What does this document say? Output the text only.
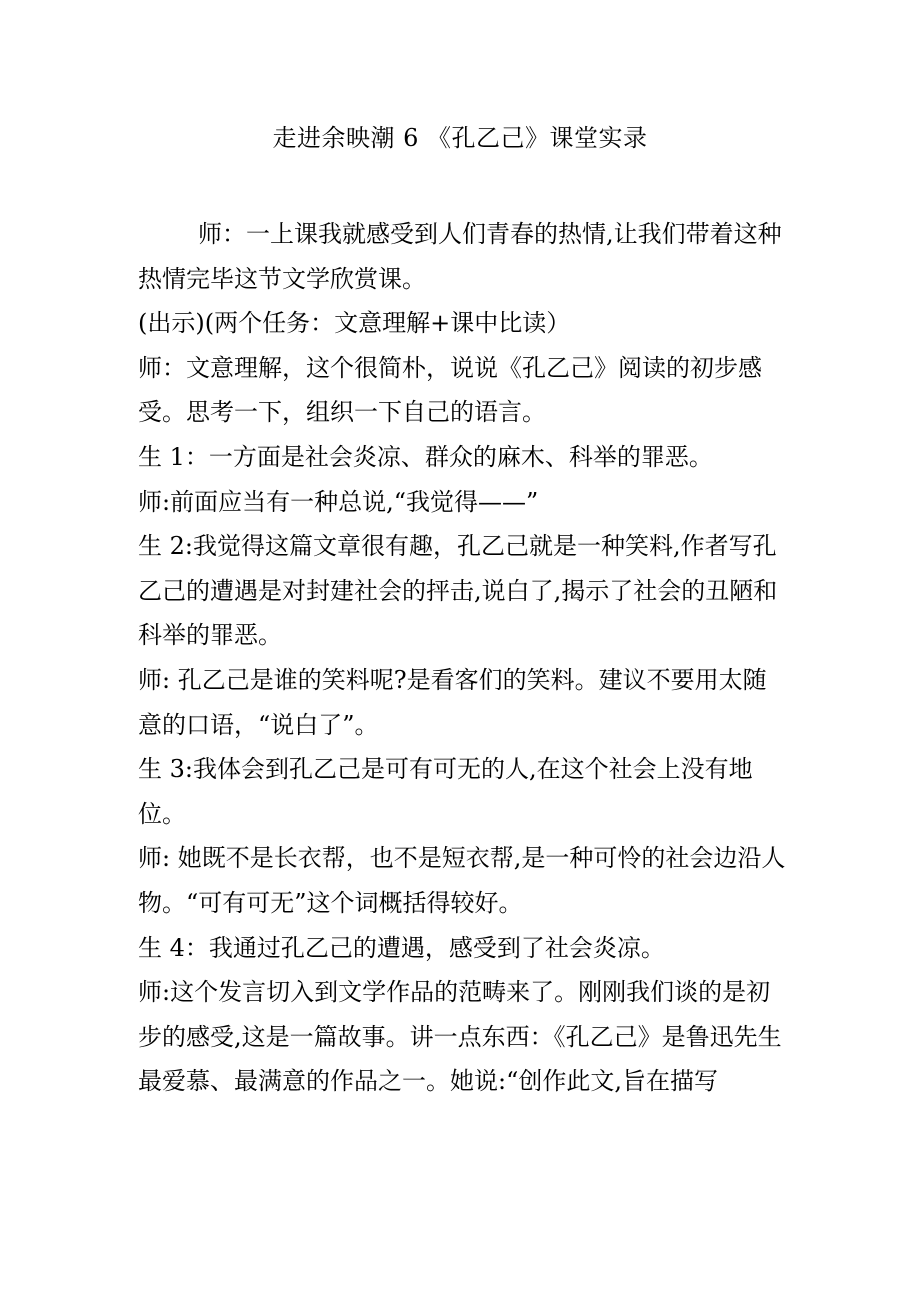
走进余映潮 6 《孔乙己》课堂实录

师：一上课我就感受到人们青春的热情,让我们带着这种热情完毕这节文学欣赏课。

(出示)(两个任务：文意理解+课中比读）

师：文意理解，这个很简朴，说说《孔乙己》阅读的初步感受。思考一下，组织一下自己的语言。

生 1：一方面是社会炎凉、群众的麻木、科举的罪恶。

师:前面应当有一种总说,“我觉得——”

生 2:我觉得这篇文章很有趣，孔乙己就是一种笑料,作者写孔乙己的遭遇是对封建社会的抨击,说白了,揭示了社会的丑陋和科举的罪恶。

师: 孔乙己是谁的笑料呢?是看客们的笑料。建议不要用太随意的口语，“说白了”。

生 3:我体会到孔乙己是可有可无的人,在这个社会上没有地位。

师: 她既不是长衣帮，也不是短衣帮,是一种可怜的社会边沿人物。“可有可无”这个词概括得较好。

生 4：我通过孔乙己的遭遇，感受到了社会炎凉。

师:这个发言切入到文学作品的范畴来了。刚刚我们谈的是初步的感受,这是一篇故事。讲一点东西：《孔乙己》是鲁迅先生最爱慕、最满意的作品之一。她说:“创作此文,旨在描写
